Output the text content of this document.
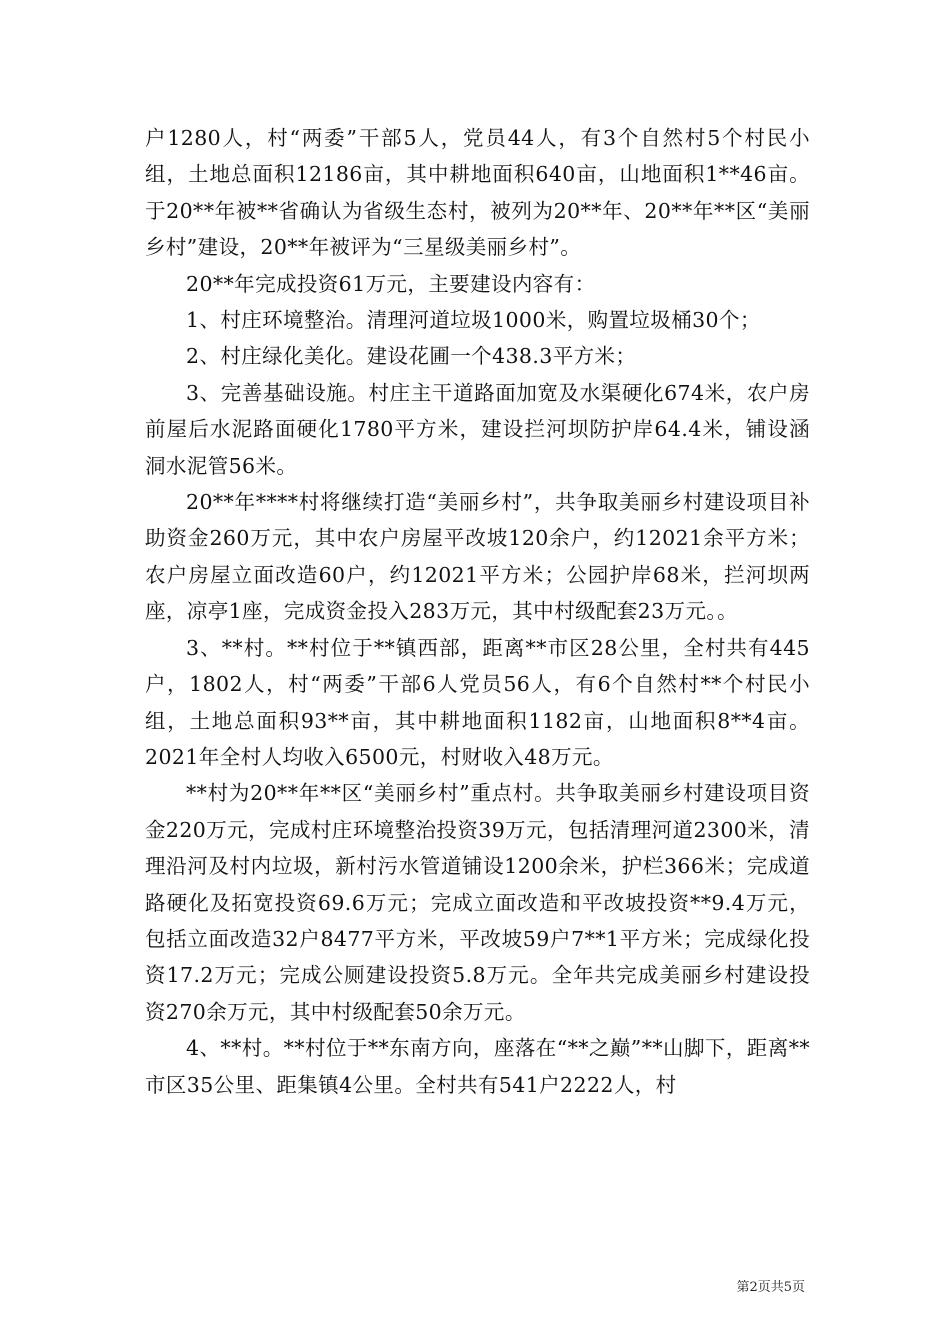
户1280人，村“两委”干部5人，党员44人，有3个自然村5个村民小组，土地总面积12186亩，其中耕地面积640亩，山地面积1**46亩。于20**年被**省确认为省级生态村，被列为20**年、20**年**区“美丽乡村”建设，20**年被评为“三星级美丽乡村”。

20**年完成投资61万元，主要建设内容有：

1、村庄环境整治。清理河道垃圾1000米，购置垃圾桶30个；

2、村庄绿化美化。建设花圃一个438.3平方米；

3、完善基础设施。村庄主干道路面加宽及水渠硬化674米，农户房前屋后水泥路面硬化1780平方米，建设拦河坝防护岸64.4米，铺设涵洞水泥管56米。

20**年****村将继续打造“美丽乡村”，共争取美丽乡村建设项目补助资金260万元，其中农户房屋平改坡120余户，约12021余平方米；农户房屋立面改造60户，约12021平方米；公园护岸68米，拦河坝两座，凉亭1座，完成资金投入283万元，其中村级配套23万元。。

3、**村。**村位于**镇西部，距离**市区28公里，全村共有445户，1802人，村“两委”干部6人党员56人，有6个自然村**个村民小组，土地总面积93**亩，其中耕地面积1182亩，山地面积8**4亩。2021年全村人均收入6500元，村财收入48万元。

**村为20**年**区“美丽乡村”重点村。共争取美丽乡村建设项目资金220万元，完成村庄环境整治投资39万元，包括清理河道2300米，清理沿河及村内垃圾，新村污水管道铺设1200余米，护栏366米；完成道路硬化及拓宽投资69.6万元；完成立面改造和平改坡投资**9.4万元，包括立面改造32户8477平方米，平改坡59户7**1平方米；完成绿化投资17.2万元；完成公厕建设投资5.8万元。全年共完成美丽乡村建设投资270余万元，其中村级配套50余万元。

4、**村。**村位于**东南方向，座落在“**之巅”**山脚下，距离**市区35公里、距集镇4公里。全村共有541户2222人，村

第2页共5页
